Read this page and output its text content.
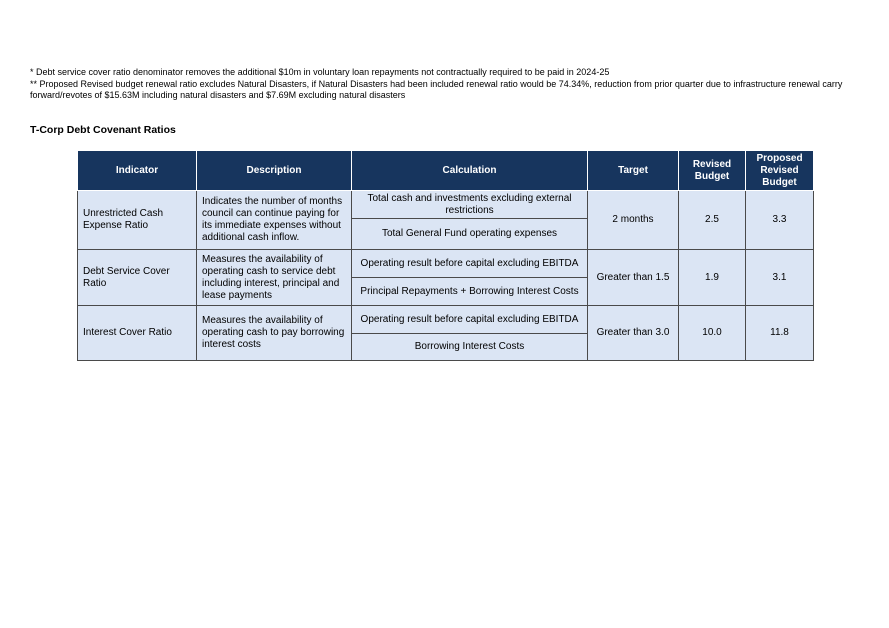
* Debt service cover ratio denominator removes the additional $10m in voluntary loan repayments not contractually required to be paid in 2024-25
** Proposed Revised budget renewal ratio excludes Natural Disasters, if Natural Disasters had been included renewal ratio would be 74.34%, reduction from prior quarter due to infrastructure renewal carry forward/revotes of $15.63M including natural disasters and $7.69M excluding natural disasters
T-Corp Debt Covenant Ratios
Indicator	Description	Calculation	Target	Revised Budget	Proposed Revised Budget
Unrestricted Cash Expense Ratio	Indicates the number of months council can continue paying for its immediate expenses without additional cash inflow.	Total cash and investments excluding external restrictions	2 months	2.5	3.3
		Total General Fund operating expenses			
Debt Service Cover Ratio	Measures the availability of operating cash to service debt including interest, principal and lease payments	Operating result before capital excluding EBITDA	Greater than 1.5	1.9	3.1
		Principal Repayments + Borrowing Interest Costs			
Interest Cover Ratio	Measures the availability of operating cash to pay borrowing interest costs	Operating result before capital excluding EBITDA	Greater than 3.0	10.0	11.8
		Borrowing Interest Costs			
